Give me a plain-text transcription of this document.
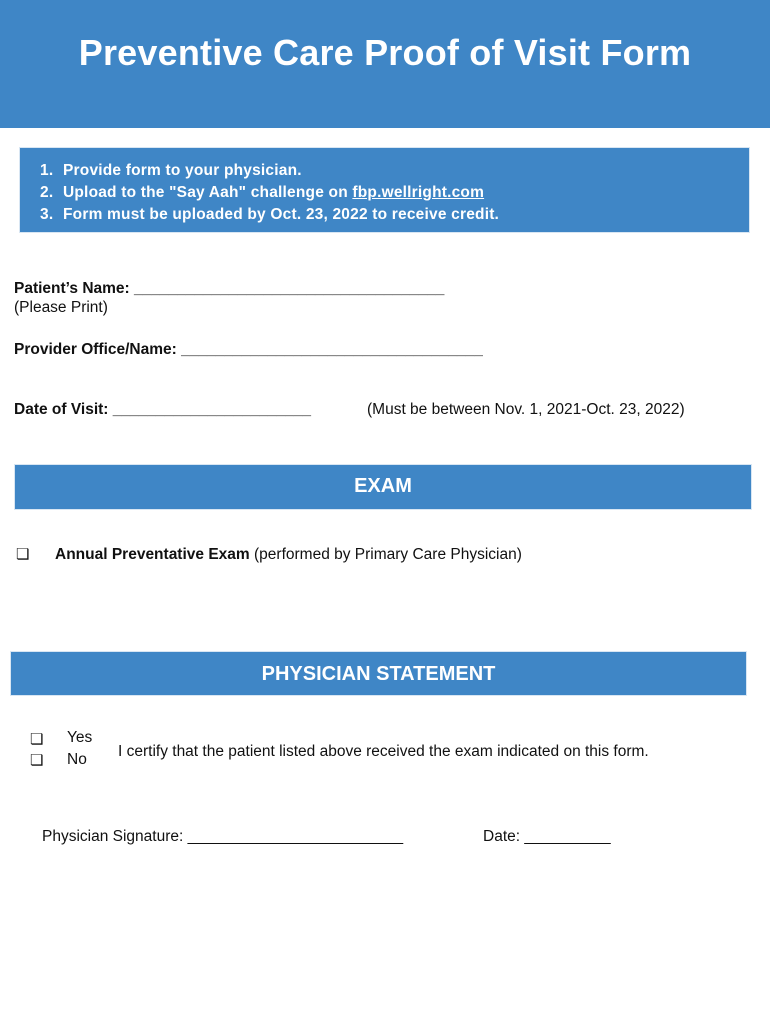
Preventive Care Proof of Visit Form
1. Provide form to your physician.
2. Upload to the "Say Aah" challenge on fbp.wellright.com
3. Form must be uploaded by Oct. 23, 2022 to receive credit.
Patient’s Name: ____________________________________
(Please Print)
Provider Office/Name: ___________________________________
Date of Visit: _______________________	(Must be between Nov. 1, 2021-Oct. 23, 2022)
EXAM
❏ Annual Preventative Exam (performed by Primary Care Physician)
PHYSICIAN STATEMENT
❏ Yes
❏ No I certify that the patient listed above received the exam indicated on this form.
Physician Signature: _________________________	Date: __________
